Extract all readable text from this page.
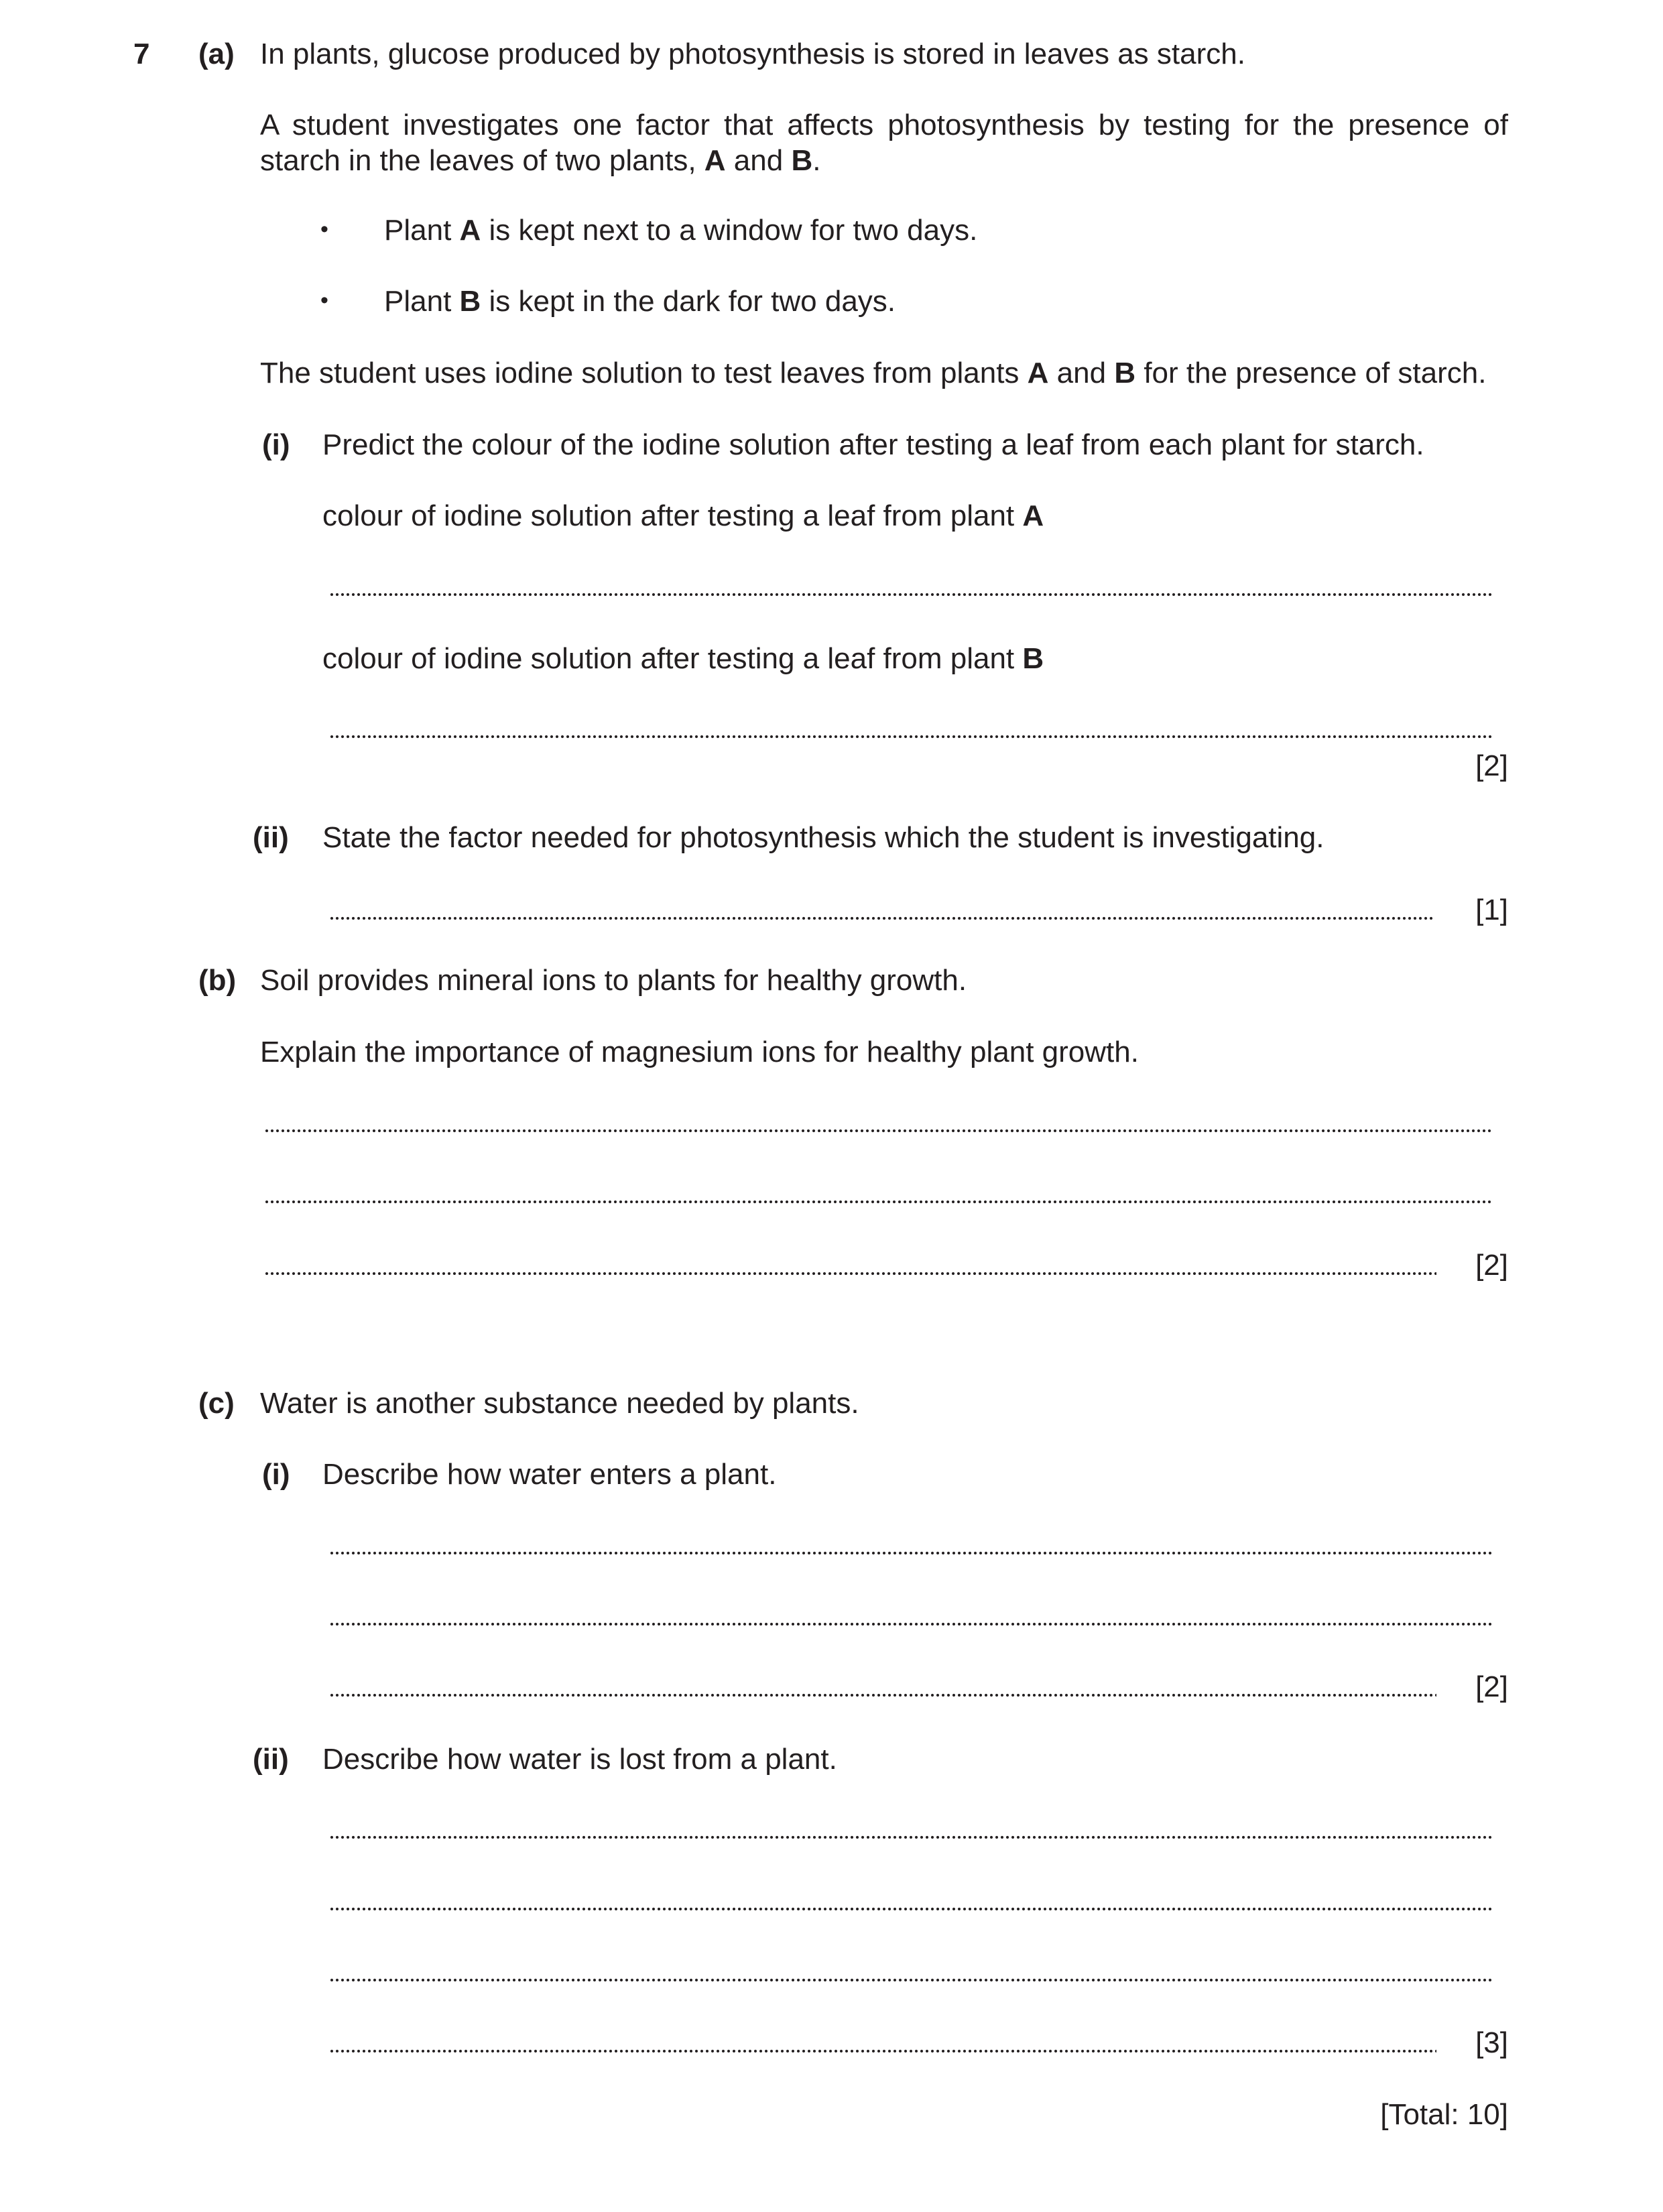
7 (a) In plants, glucose produced by photosynthesis is stored in leaves as starch.
A student investigates one factor that affects photosynthesis by testing for the presence of
starch in the leaves of two plants, A and B.
• Plant A is kept next to a window for two days.
• Plant B is kept in the dark for two days.
The student uses iodine solution to test leaves from plants A and B for the presence of starch.
(i) Predict the colour of the iodine solution after testing a leaf from each plant for starch.
colour of iodine solution after testing a leaf from plant A
colour of iodine solution after testing a leaf from plant B
[2]
(ii) State the factor needed for photosynthesis which the student is investigating.
[1]
(b) Soil provides mineral ions to plants for healthy growth.
Explain the importance of magnesium ions for healthy plant growth.
[2]
(c) Water is another substance needed by plants.
(i) Describe how water enters a plant.
[2]
(ii) Describe how water is lost from a plant.
[3]
[Total: 10]
